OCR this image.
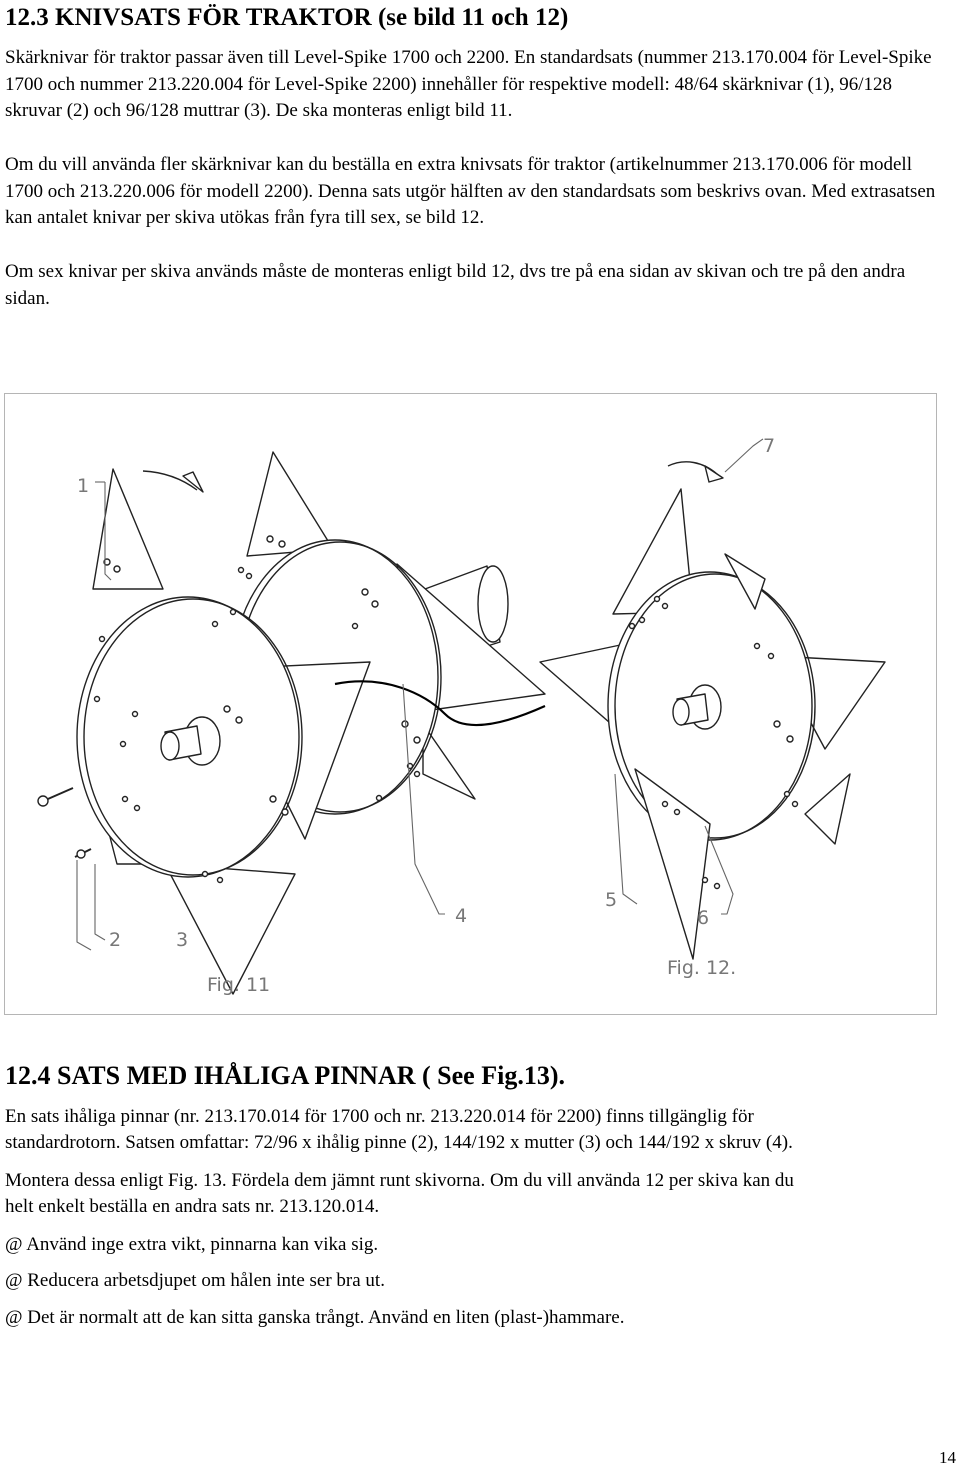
12.3 KNIVSATS FÖR TRAKTOR (se bild 11 och 12)

Skärknivar för traktor passar även till Level-Spike 1700 och 2200. En standardsats (nummer 213.170.004 för Level-Spike 1700 och nummer 213.220.004 för Level-Spike 2200) innehåller för respektive modell: 48/64 skärknivar (1), 96/128 skruvar (2) och 96/128 muttrar (3). De ska monteras enligt bild 11.

Om du vill använda fler skärknivar kan du beställa en extra knivsats för traktor (artikelnummer 213.170.006 för modell 1700 och 213.220.006 för modell 2200). Denna sats utgör hälften av den standardsats som beskrivs ovan. Med extrasatsen kan antalet knivar per skiva utökas från fyra till sex, se bild 12.

Om sex knivar per skiva används måste de monteras enligt bild 12, dvs tre på ena sidan av skivan och tre på den andra sidan.

1
2	3
4
5
6
7
Fig. 11
Fig. 12.
12.4 SATS MED IHÅLIGA PINNAR ( See Fig.13).

En sats ihåliga pinnar (nr. 213.170.014 för 1700 och nr. 213.220.014 för 2200) finns tillgänglig för

standardrotorn. Satsen omfattar: 72/96 x ihålig pinne (2), 144/192 x mutter (3) och 144/192 x skruv (4).

Montera dessa enligt Fig. 13. Fördela dem jämnt runt skivorna. Om du vill använda 12 per skiva kan du

helt enkelt beställa en andra sats nr. 213.120.014.

@ Använd inge extra vikt, pinnarna kan vika sig.

@ Reducera arbetsdjupet om hålen inte ser bra ut.

@ Det är normalt att de kan sitta ganska trångt. Använd en liten (plast-)hammare.

14
